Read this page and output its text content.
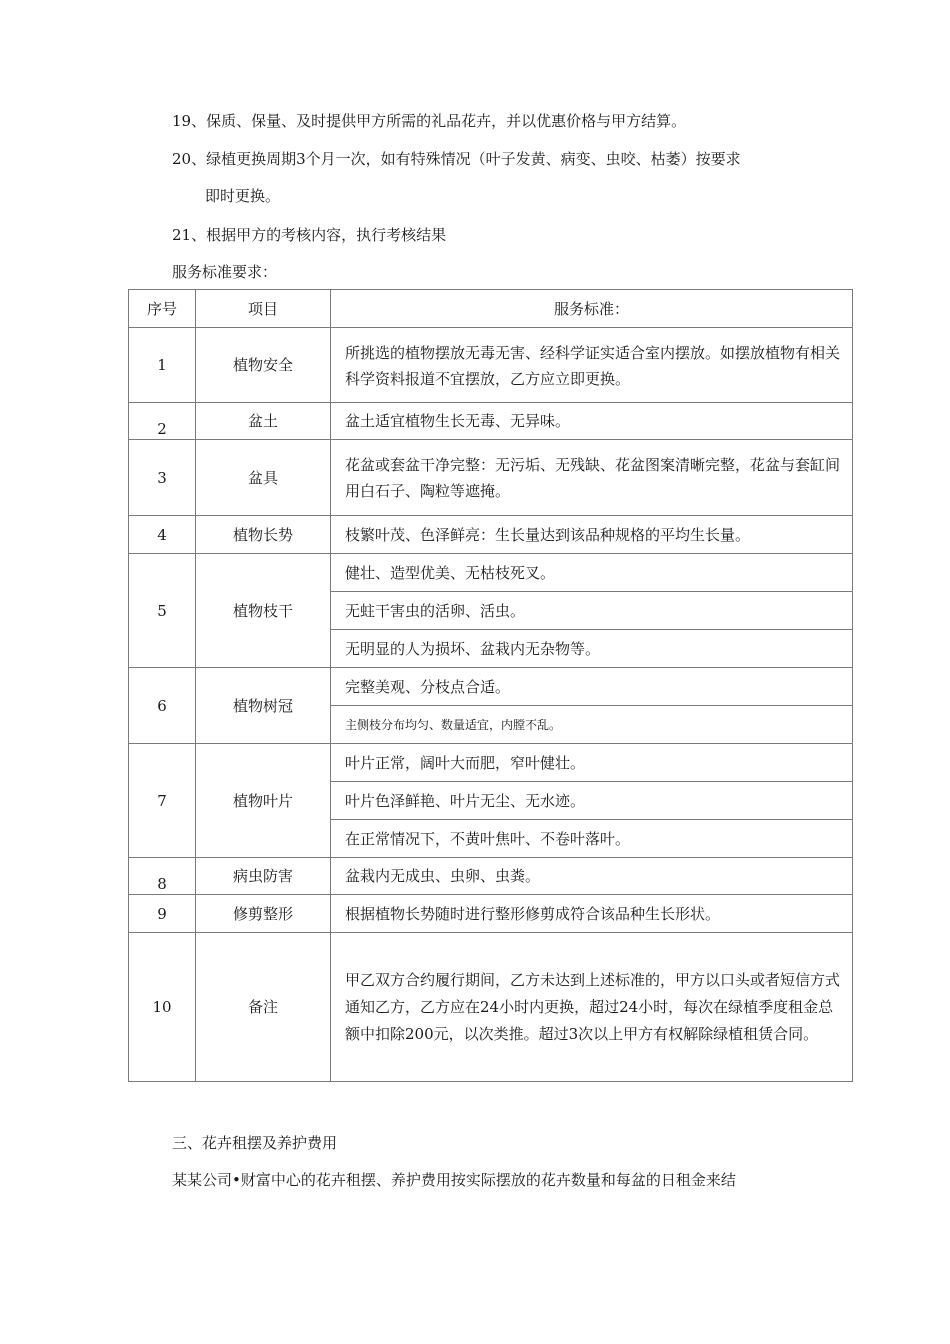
19、保质、保量、及时提供甲方所需的礼品花卉，并以优惠价格与甲方结算。
20、绿植更换周期3个月一次，如有特殊情况（叶子发黄、病变、虫咬、枯萎）按要求
即时更换。
21、根据甲方的考核内容，执行考核结果
服务标准要求：
序号	项目	服务标准：
1	植物安全	所挑选的植物摆放无毒无害、经科学证实适合室内摆放。如摆放植物有相关科学资料报道不宜摆放，乙方应立即更换。
2	盆土	盆土适宜植物生长无毒、无异味。
3	盆具	花盆或套盆干净完整：无污垢、无残缺、花盆图案清晰完整，花盆与套缸间用白石子、陶粒等遮掩。
4	植物长势	枝繁叶茂、色泽鲜亮：生长量达到该品种规格的平均生长量。
5	植物枝干	健壮、造型优美、无枯枝死叉。
		无蛀干害虫的活卵、活虫。
		无明显的人为损坏、盆栽内无杂物等。
6	植物树冠	完整美观、分枝点合适。
		主侧枝分布均匀、数量适宜，内膛不乱。
7	植物叶片	叶片正常，阔叶大而肥，窄叶健壮。
		叶片色泽鲜艳、叶片无尘、无水迹。
		在正常情况下，不黄叶焦叶、不卷叶落叶。
8	病虫防害	盆栽内无成虫、虫卵、虫粪。
9	修剪整形	根据植物长势随时进行整形修剪成符合该品种生长形状。
10	备注	甲乙双方合约履行期间，乙方未达到上述标准的，甲方以口头或者短信方式通知乙方，乙方应在24小时内更换，超过24小时，每次在绿植季度租金总额中扣除200元，以次类推。超过3次以上甲方有权解除绿植租赁合同。
三、花卉租摆及养护费用
某某公司•财富中心的花卉租摆、养护费用按实际摆放的花卉数量和每盆的日租金来结
